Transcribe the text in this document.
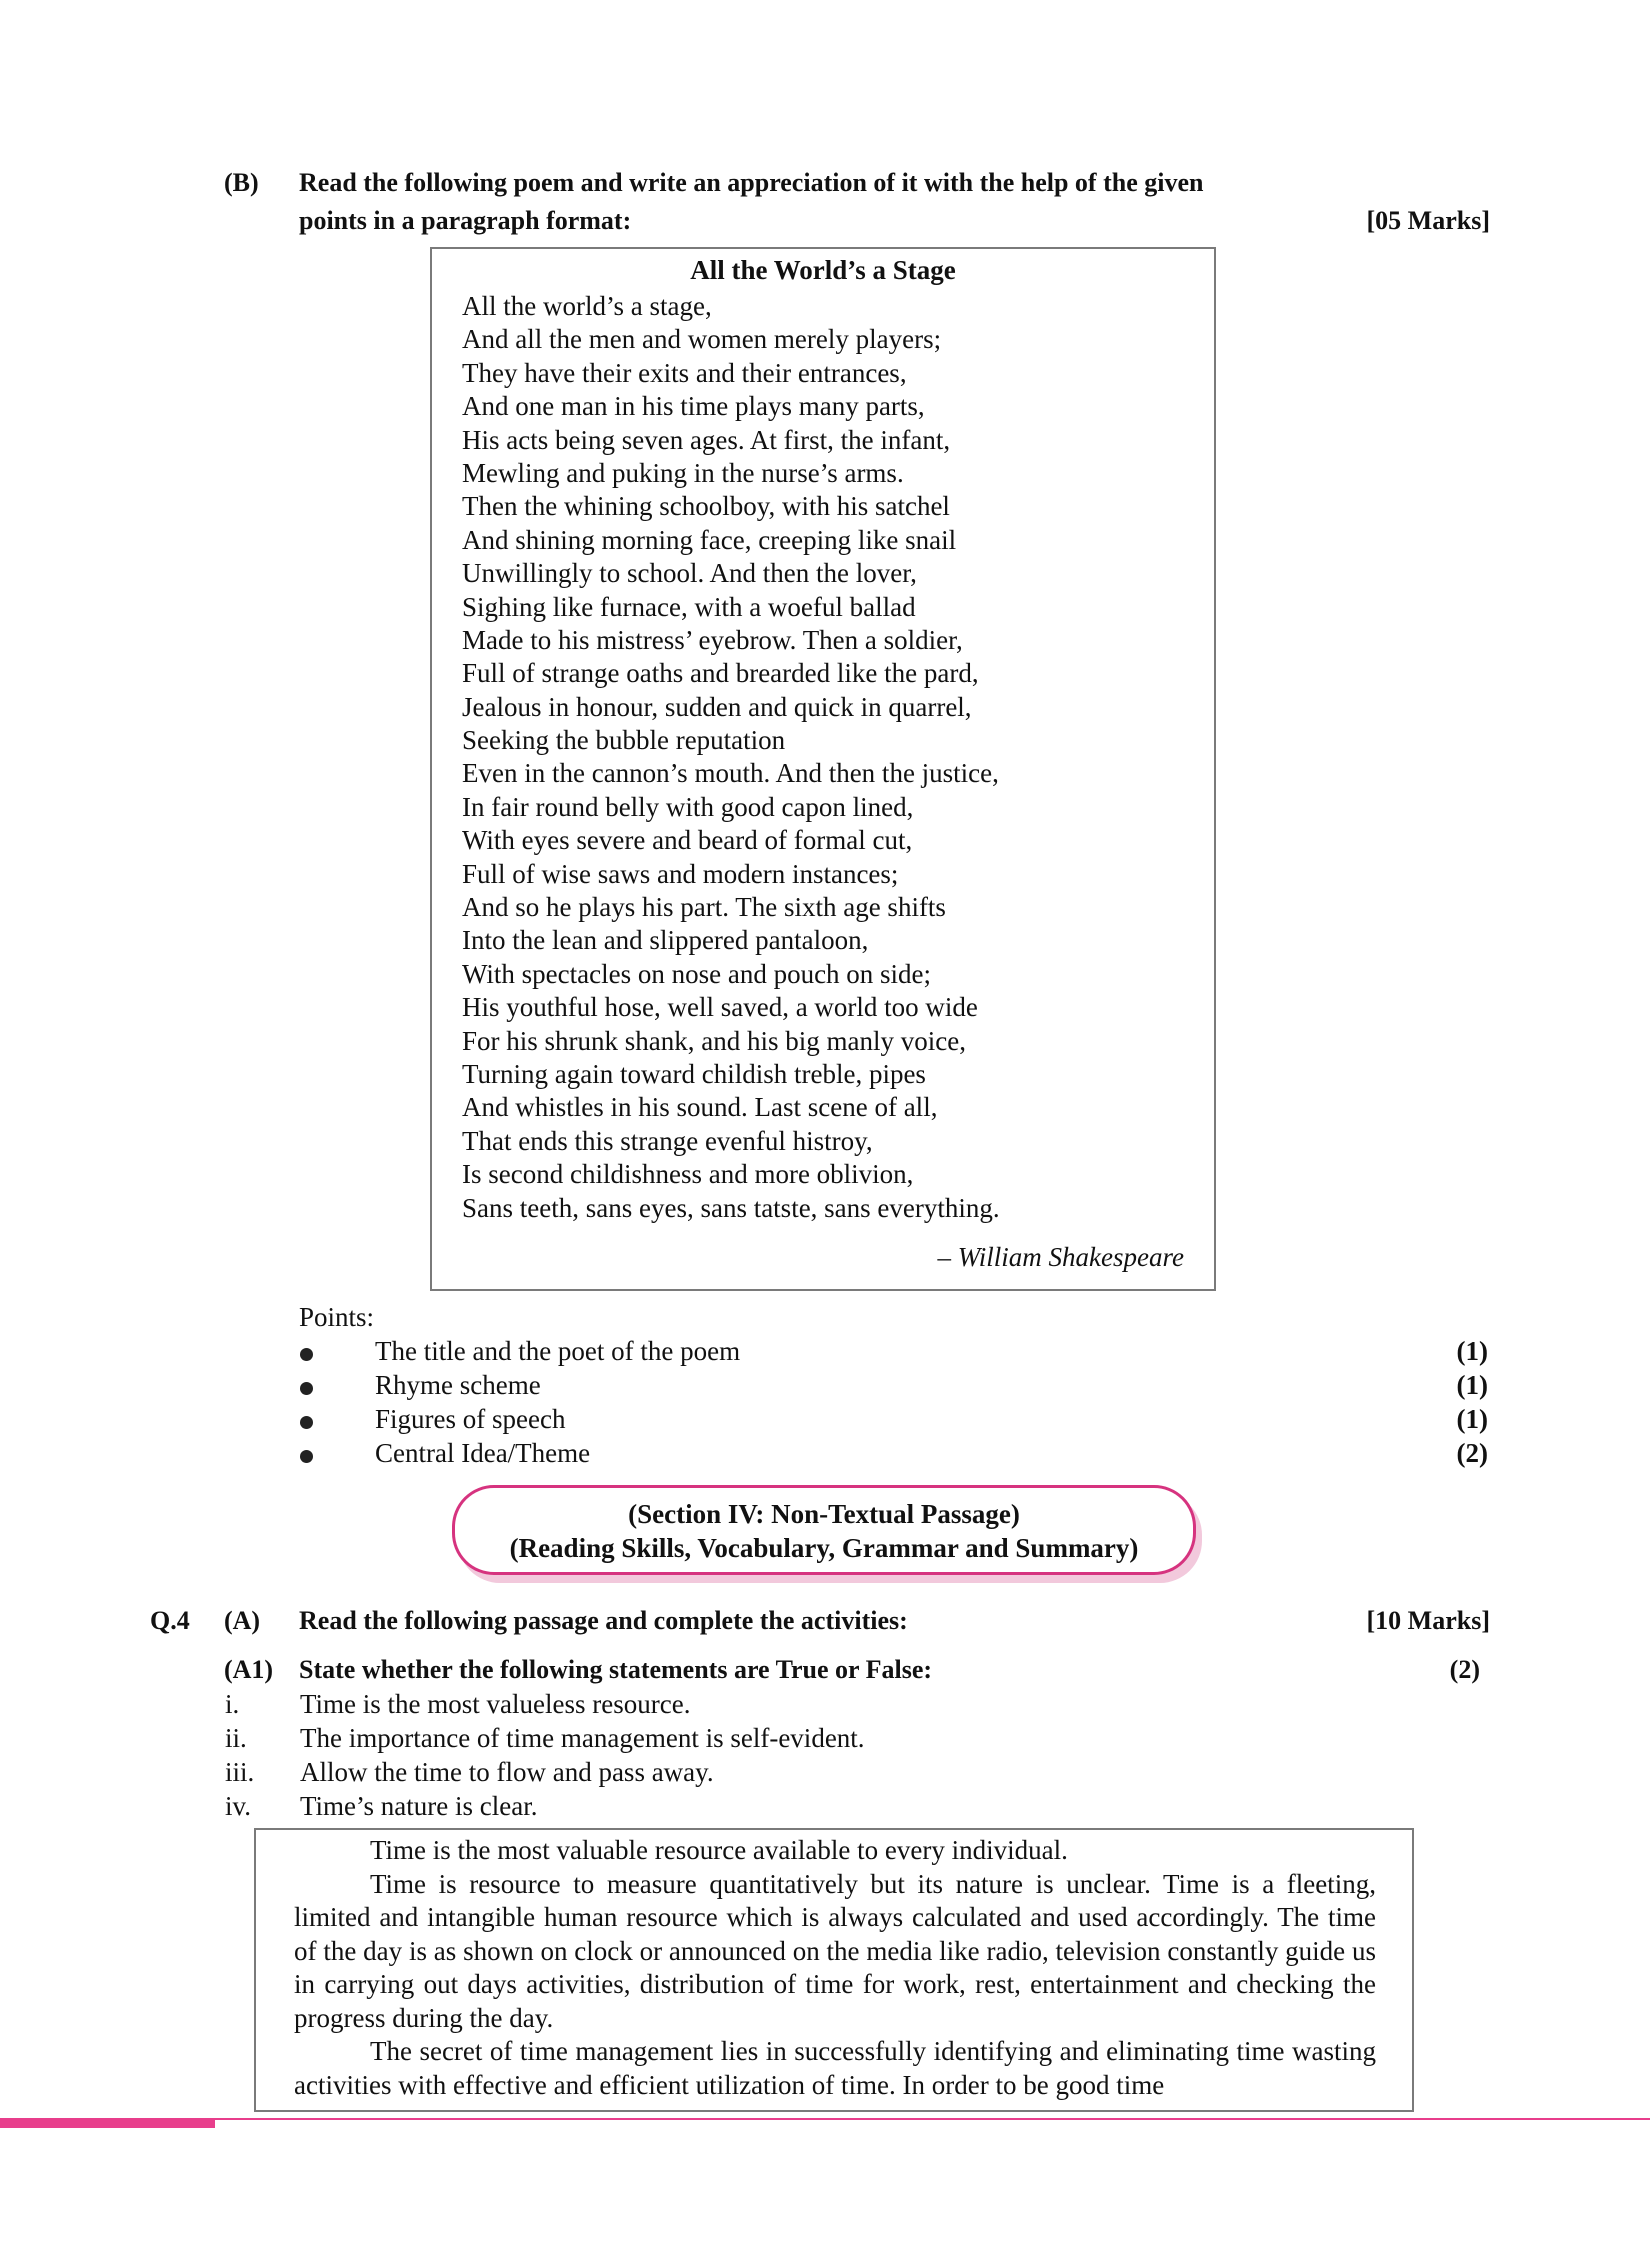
(B) Read the following poem and write an appreciation of it with the help of the given
points in a paragraph format:	[05 Marks]
All the World’s a Stage
All the world’s a stage,
And all the men and women merely players;
They have their exits and their entrances,
And one man in his time plays many parts,
His acts being seven ages. At first, the infant,
Mewling and puking in the nurse’s arms.
Then the whining schoolboy, with his satchel
And shining morning face, creeping like snail
Unwillingly to school. And then the lover,
Sighing like furnace, with a woeful ballad
Made to his mistress’ eyebrow. Then a soldier,
Full of strange oaths and brearded like the pard,
Jealous in honour, sudden and quick in quarrel,
Seeking the bubble reputation
Even in the cannon’s mouth. And then the justice,
In fair round belly with good capon lined,
With eyes severe and beard of formal cut,
Full of wise saws and modern instances;
And so he plays his part. The sixth age shifts
Into the lean and slippered pantaloon,
With spectacles on nose and pouch on side;
His youthful hose, well saved, a world too wide
For his shrunk shank, and his big manly voice,
Turning again toward childish treble, pipes
And whistles in his sound. Last scene of all,
That ends this strange evenful histroy,
Is second childishness and more oblivion,
Sans teeth, sans eyes, sans tatste, sans everything.
– William Shakespeare
Points:
The title and the poet of the poem	(1)
Rhyme scheme	(1)
Figures of speech	(1)
Central Idea/Theme	(2)
(Section IV: Non-Textual Passage)
(Reading Skills, Vocabulary, Grammar and Summary)
Q.4 (A) Read the following passage and complete the activities:	[10 Marks]
(A1) State whether the following statements are True or False:	(2)
i. Time is the most valueless resource.
ii. The importance of time management is self-evident.
iii. Allow the time to flow and pass away.
iv. Time’s nature is clear.

Time is the most valuable resource available to every individual.

Time is resource to measure quantitatively but its nature is unclear. Time is a fleeting, limited and intangible human resource which is always calculated and used accordingly. The time of the day is as shown on clock or announced on the media like radio, television constantly guide us in carrying out days activities, distribution of time for work, rest, entertainment and checking the progress during the day.

The secret of time management lies in successfully identifying and eliminating time wasting activities with effective and efficient utilization of time. In order to be good time
